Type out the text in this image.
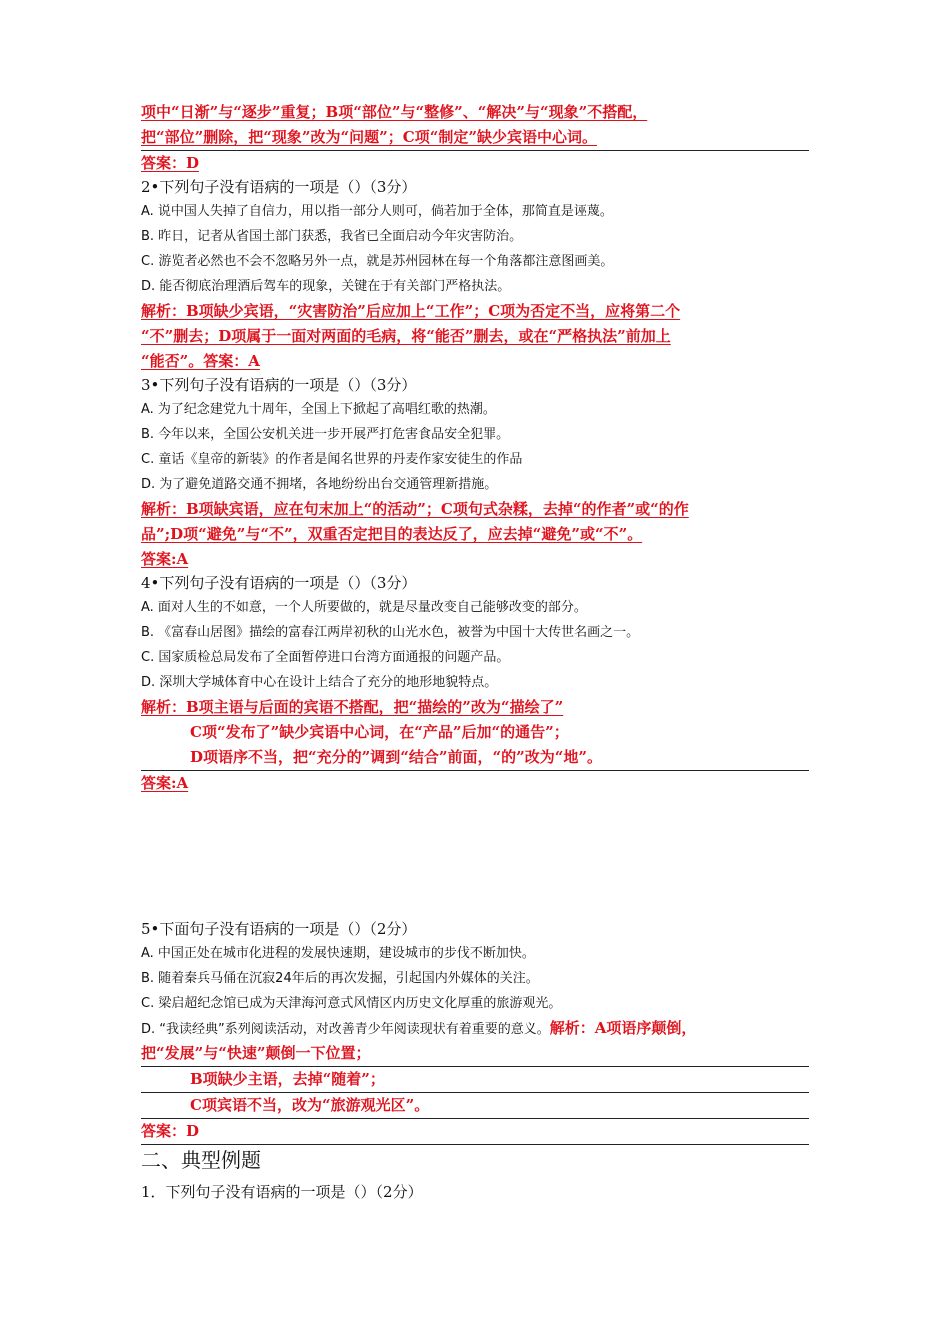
项中“日渐”与“逐步”重复；B项“部位”与“整修”、“解决”与“现象”不搭配，
把“部位”删除，把“现象”改为“问题”；C项“制定”缺少宾语中心词。
答案：D
2•下列句子没有语病的一项是（）（3分）
A. 说中国人失掉了自信力，用以指一部分人则可，倘若加于全体，那简直是诬蔑。
B. 昨日，记者从省国土部门获悉，我省已全面启动今年灾害防治。
C. 游览者必然也不会不忽略另外一点，就是苏州园林在每一个角落都注意图画美。
D. 能否彻底治理酒后驾车的现象，关键在于有关部门严格执法。
解析：B项缺少宾语，“灾害防治”后应加上“工作”；C项为否定不当，应将第二个
“不”删去；D项属于一面对两面的毛病，将“能否”删去，或在“严格执法”前加上
“能否”。答案：A
3•下列句子没有语病的一项是（）（3分）
A. 为了纪念建党九十周年，全国上下掀起了高唱红歌的热潮。
B. 今年以来，全国公安机关进一步开展严打危害食品安全犯罪。
C. 童话《皇帝的新装》的作者是闻名世界的丹麦作家安徒生的作品
D. 为了避免道路交通不拥堵，各地纷纷出台交通管理新措施。
解析：B项缺宾语，应在句末加上“的活动”；C项句式杂糅，去掉“的作者”或“的作
品”;D项“避免”与“不”，双重否定把目的表达反了，应去掉“避免”或“不”。
答案:A
4•下列句子没有语病的一项是（）（3分）
A. 面对人生的不如意，一个人所要做的，就是尽量改变自己能够改变的部分。
B. 《富春山居图》描绘的富春江两岸初秋的山光水色，被誉为中国十大传世名画之一。
C. 国家质检总局发布了全面暂停进口台湾方面通报的问题产品。
D. 深圳大学城体育中心在设计上结合了充分的地形地貌特点。
解析：B项主语与后面的宾语不搭配，把“描绘的”改为“描绘了”
C项“发布了”缺少宾语中心词，在“产品”后加“的通告”；
D项语序不当，把“充分的”调到“结合”前面，“的”改为“地”。
答案:A
5•下面句子没有语病的一项是（）（2分）
A. 中国正处在城市化进程的发展快速期，建设城市的步伐不断加快。
B. 随着秦兵马俑在沉寂24年后的再次发掘，引起国内外媒体的关注。
C. 梁启超纪念馆已成为天津海河意式风情区内历史文化厚重的旅游观光。
D. “我读经典”系列阅读活动，对改善青少年阅读现状有着重要的意义。解析：A项语序颠倒，
把“发展”与“快速”颠倒一下位置；
B项缺少主语，去掉“随着”；
C项宾语不当，改为“旅游观光区”。
答案：D
二、典型例题
1．下列句子没有语病的一项是（）（2分）
